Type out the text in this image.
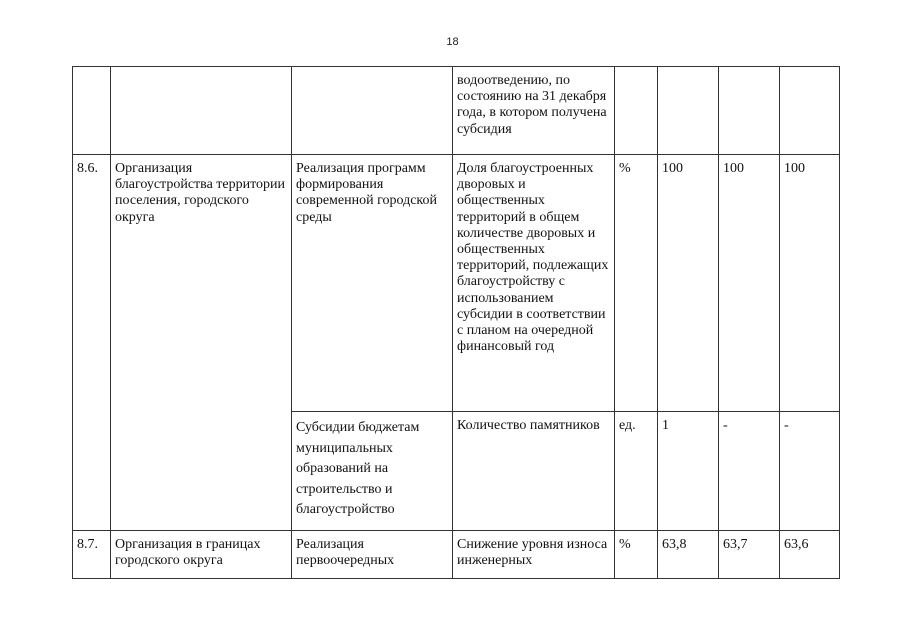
18
			водоотведению, по состоянию на 31 декабря года, в котором получена субсидия				
8.6.	Организация благоустройства территории поселения, городского округа	Реализация программ формирования современной городской среды	Доля благоустроенных дворовых и общественных территорий в общем количестве дворовых и общественных территорий, подлежащих благоустройству с использованием субсидии в соответствии с планом на очередной финансовый год	%	100	100	100
		Субсидии бюджетам муниципальных образований на строительство и благоустройство	Количество памятников	ед.	1	-	-
8.7.	Организация в границах городского округа	Реализация первоочередных	Снижение уровня износа инженерных	%	63,8	63,7	63,6
